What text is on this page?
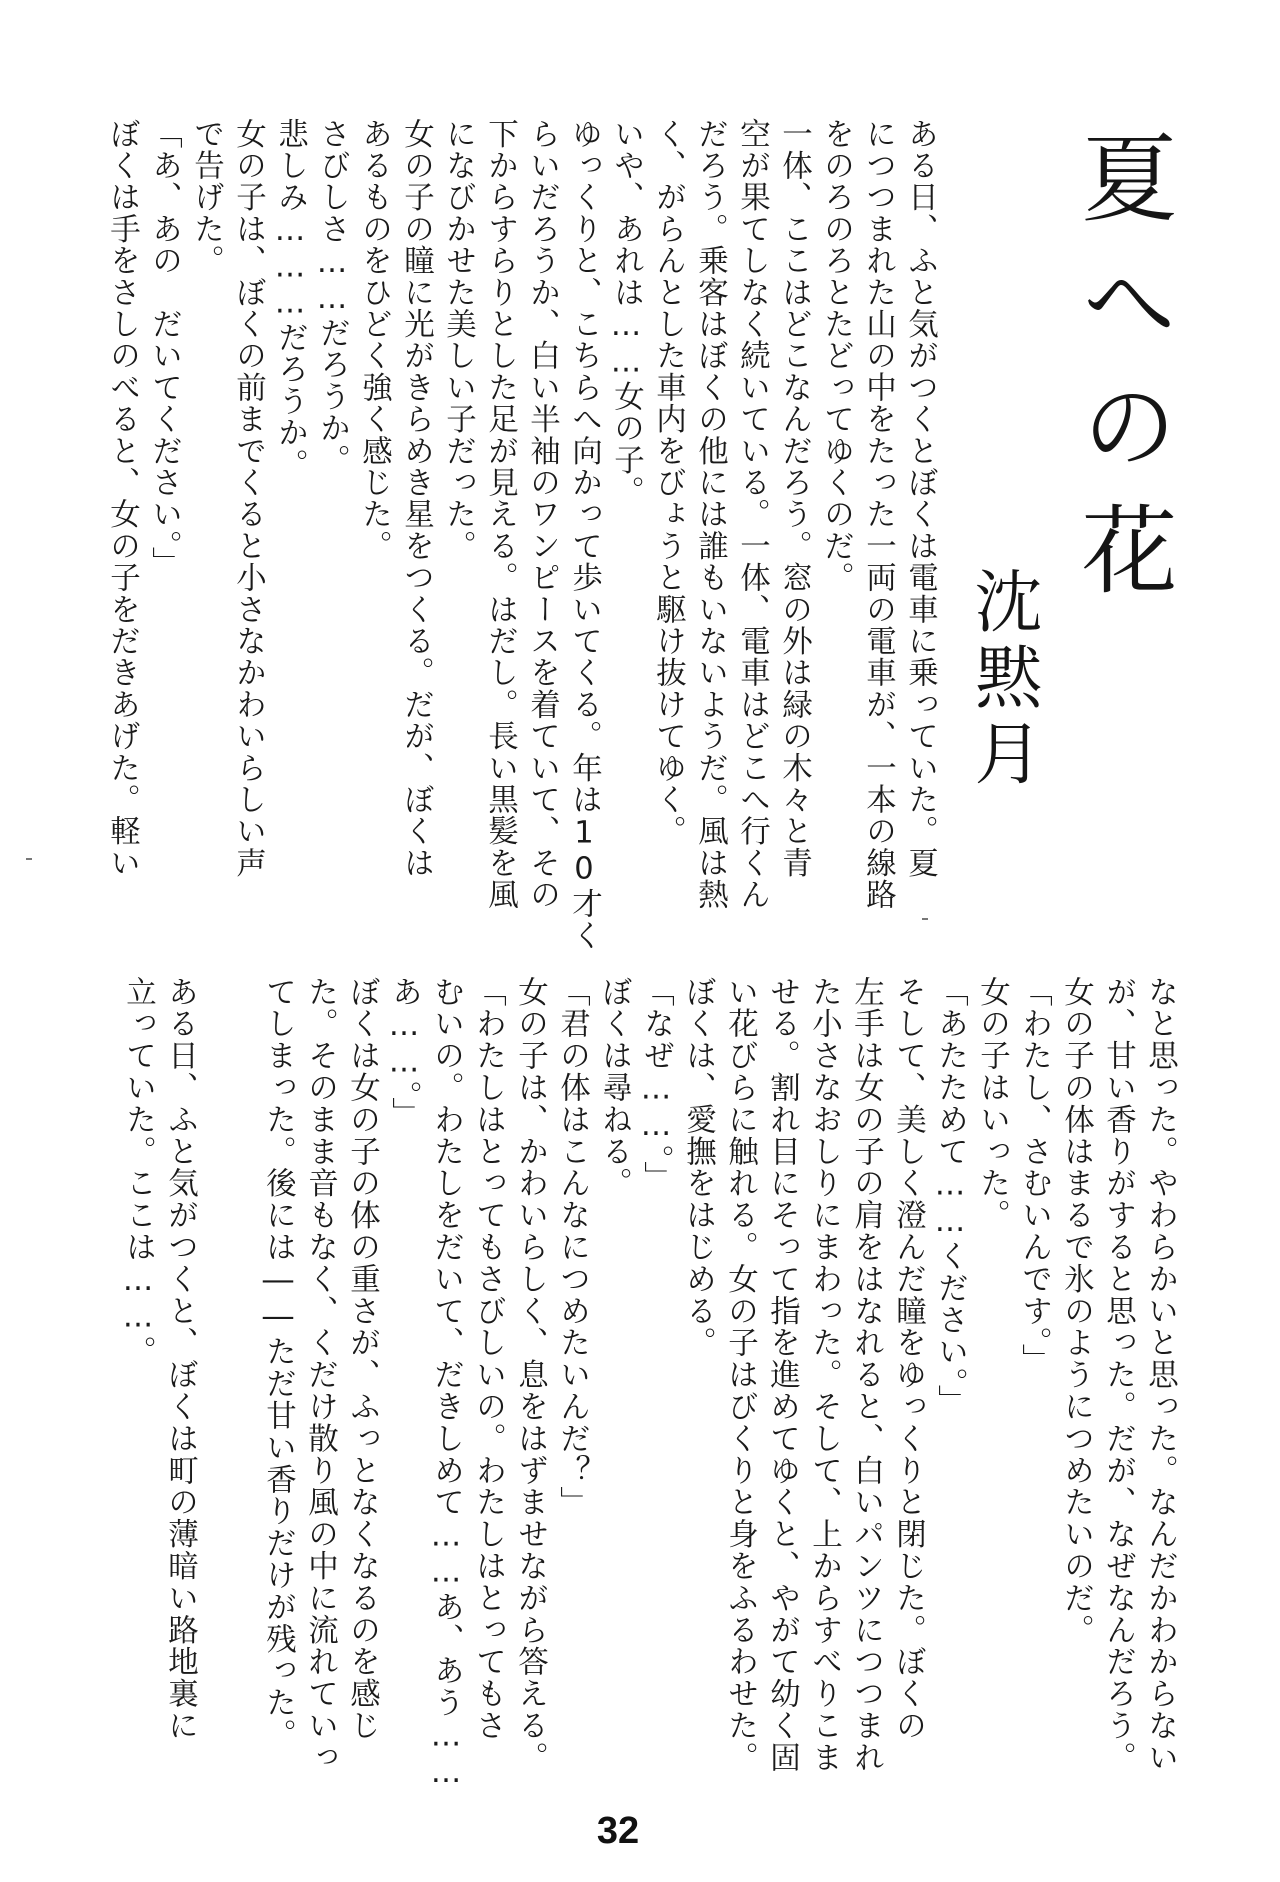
夏への花
沈黙月
ある日、ふと気がつくとぼくは電車に乗っていた。夏
につつまれた山の中をたった一両の電車が、一本の線路
をのろのろとたどってゆくのだ。
一体、ここはどこなんだろう。窓の外は緑の木々と青
空が果てしなく続いている。一体、電車はどこへ行くん
だろう。乗客はぼくの他には誰もいないようだ。風は熱
く、がらんとした車内をびょうと駆け抜けてゆく。
いや、あれは……女の子。
ゆっくりと、こちらへ向かって歩いてくる。年は10才く
らいだろうか、白い半袖のワンピースを着ていて、その
下からすらりとした足が見える。はだし。長い黒髪を風
になびかせた美しい子だった。
女の子の瞳に光がきらめき星をつくる。だが、ぼくは
あるものをひどく強く感じた。
さびしさ……だろうか。
悲しみ………だろうか。
女の子は、ぼくの前までくると小さなかわいらしい声
で告げた。
「あ、あの　だいてください。」
ぼくは手をさしのべると、女の子をだきあげた。軽い
なと思った。やわらかいと思った。なんだかわからない
が、甘い香りがすると思った。だが、なぜなんだろう。
女の子の体はまるで氷のようにつめたいのだ。
「わたし、さむいんです。」
女の子はいった。
「あたためて……ください。」
そして、美しく澄んだ瞳をゆっくりと閉じた。ぼくの
左手は女の子の肩をはなれると、白いパンツにつつまれ
た小さなおしりにまわった。そして、上からすべりこま
せる。割れ目にそって指を進めてゆくと、やがて幼く固
い花びらに触れる。女の子はびくりと身をふるわせた。
ぼくは、愛撫をはじめる。
「なぜ……。」
ぼくは尋ねる。
「君の体はこんなにつめたいんだ？」
女の子は、かわいらしく、息をはずませながら答える。
「わたしはとってもさびしいの。わたしはとってもさ
むいの。わたしをだいて、だきしめて……あ、あう……
あ……。」
ぼくは女の子の体の重さが、ふっとなくなるのを感じ
た。そのまま音もなく、くだけ散り風の中に流れていっ
てしまった。後には――ただ甘い香りだけが残った。
ある日、ふと気がつくと、ぼくは町の薄暗い路地裏に
立っていた。ここは……。
32
